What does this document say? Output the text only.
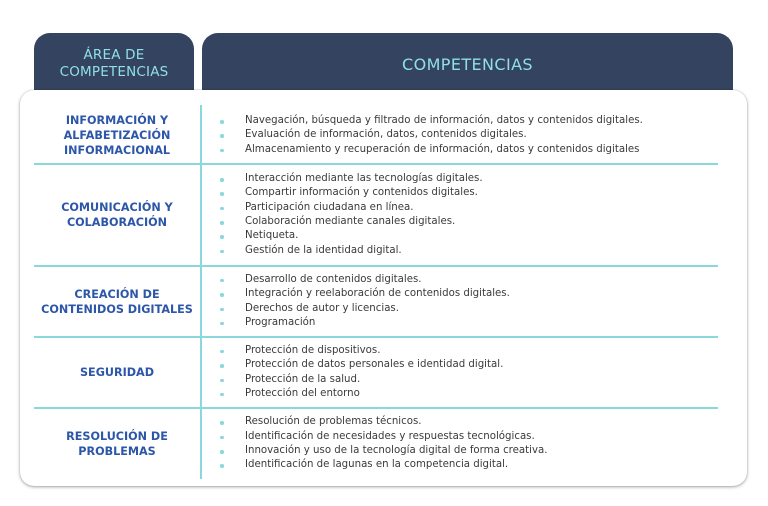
ÁREA DE COMPETENCIAS	COMPETENCIAS
INFORMACIÓN Y ALFABETIZACIÓN INFORMACIONAL
Navegación, búsqueda y filtrado de información, datos y contenidos digitales.
Evaluación de información, datos, contenidos digitales.
Almacenamiento y recuperación de información, datos y contenidos digitales
COMUNICACIÓN Y COLABORACIÓN
Interacción mediante las tecnologías digitales.
Compartir información y contenidos digitales.
Participación ciudadana en línea.
Colaboración mediante canales digitales.
Netiqueta.
Gestión de la identidad digital.
CREACIÓN DE CONTENIDOS DIGITALES
Desarrollo de contenidos digitales.
Integración y reelaboración de contenidos digitales.
Derechos de autor y licencias.
Programación
SEGURIDAD
Protección de dispositivos.
Protección de datos personales e identidad digital.
Protección de la salud.
Protección del entorno
RESOLUCIÓN DE PROBLEMAS
Resolución de problemas técnicos.
Identificación de necesidades y respuestas tecnológicas.
Innovación y uso de la tecnología digital de forma creativa.
Identificación de lagunas en la competencia digital.
